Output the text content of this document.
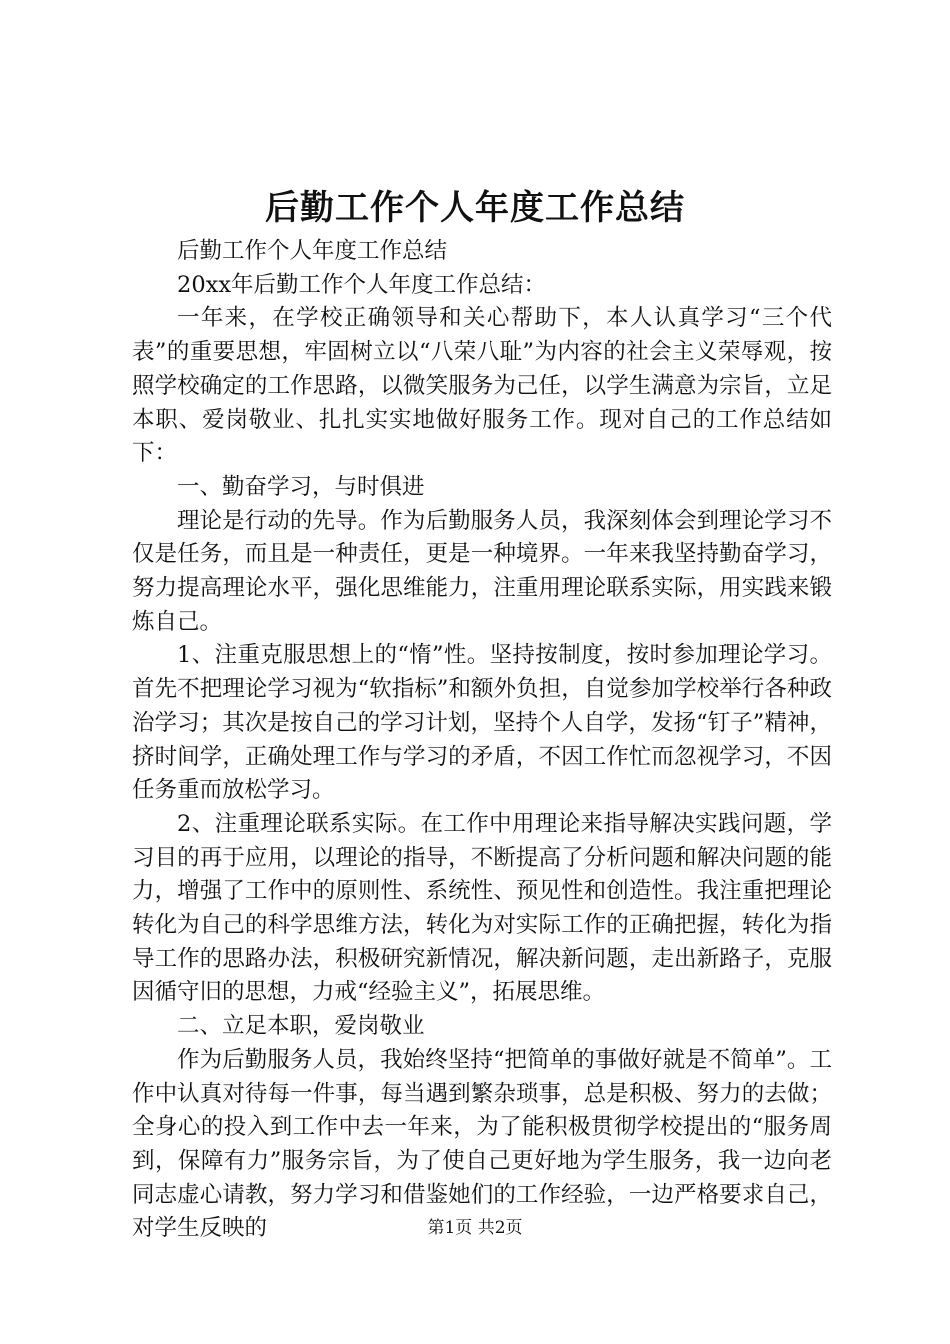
后勤工作个人年度工作总结

后勤工作个人年度工作总结

20xx年后勤工作个人年度工作总结：

一年来，在学校正确领导和关心帮助下，本人认真学习“三个代表”的重要思想，牢固树立以“八荣八耻”为内容的社会主义荣辱观，按照学校确定的工作思路，以微笑服务为己任，以学生满意为宗旨，立足本职、爱岗敬业、扎扎实实地做好服务工作。现对自己的工作总结如下：

一、勤奋学习，与时俱进

理论是行动的先导。作为后勤服务人员，我深刻体会到理论学习不仅是任务，而且是一种责任，更是一种境界。一年来我坚持勤奋学习，努力提高理论水平，强化思维能力，注重用理论联系实际，用实践来锻炼自己。

1、注重克服思想上的“惰”性。坚持按制度，按时参加理论学习。首先不把理论学习视为“软指标”和额外负担，自觉参加学校举行各种政治学习；其次是按自己的学习计划，坚持个人自学，发扬“钉子”精神，挤时间学，正确处理工作与学习的矛盾，不因工作忙而忽视学习，不因任务重而放松学习。

2、注重理论联系实际。在工作中用理论来指导解决实践问题，学习目的再于应用，以理论的指导，不断提高了分析问题和解决问题的能力，增强了工作中的原则性、系统性、预见性和创造性。我注重把理论转化为自己的科学思维方法，转化为对实际工作的正确把握，转化为指导工作的思路办法，积极研究新情况，解决新问题，走出新路子，克服因循守旧的思想，力戒“经验主义”，拓展思维。

二、立足本职，爱岗敬业

作为后勤服务人员，我始终坚持“把简单的事做好就是不简单”。工作中认真对待每一件事，每当遇到繁杂琐事，总是积极、努力的去做；全身心的投入到工作中去一年来，为了能积极贯彻学校提出的“服务周到，保障有力”服务宗旨，为了使自己更好地为学生服务，我一边向老同志虚心请教，努力学习和借鉴她们的工作经验，一边严格要求自己，对学生反映的	第1页 共2页
